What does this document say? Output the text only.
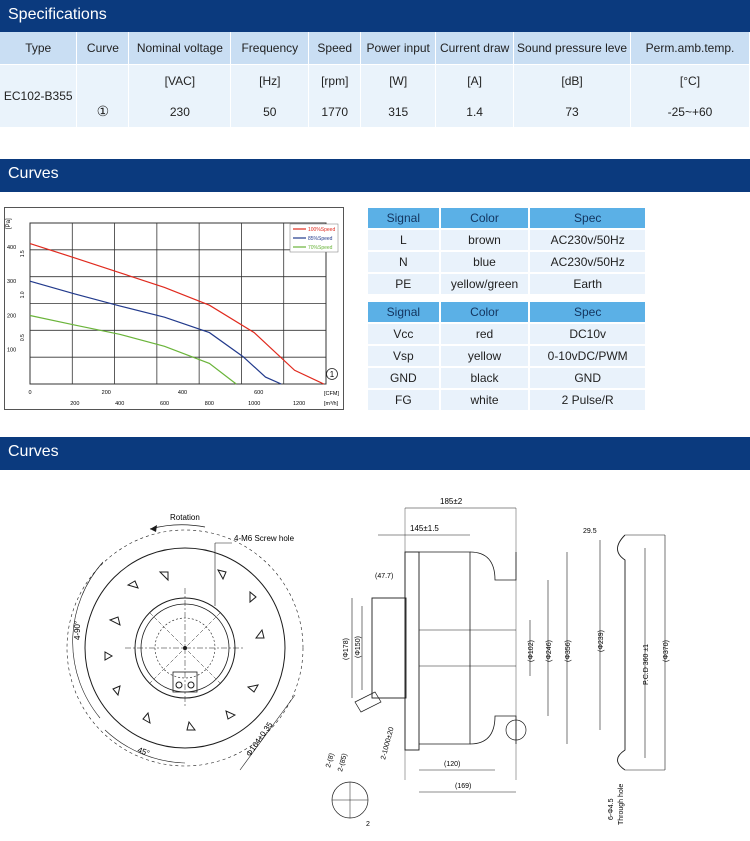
Specifications
Type	Curve	Nominal voltage	Frequency	Speed	Power input	Current draw	Sound pressure leve	Perm.amb.temp.
EC102-B355		[VAC]	[Hz]	[rpm]	[W]	[A]	[dB]	[°C]
	①	230	50	1770	315	1.4	73	-25~+60
Curves
100%Speed
85%Speed
70%Speed
[Pa]
400
300
200
100
1.5
1.0
0.5
0	200	400	600
200	400	600	800	1000	1200
[CFM]
[m³/h]
1
Signal	Color	Spec
L	brown	AC230v/50Hz
N	blue	AC230v/50Hz
PE	yellow/green	Earth
Signal	Color	Spec
Vcc	red	DC10v
Vsp	yellow	0-10vDC/PWM
GND	black	GND
FG	white	2 Pulse/R
Curves
Rotation
4-M6 Screw hole
4-90°
45°	Φ164±0.35
185±2
145±1.5
(47.7)
(Φ178) (Φ150)	(Φ102) (Φ246) (Φ356)
2-(8) 2-(85)
2-1000±20
(120)
(169)
2
29.5
(Φ239)
P.C.D 360 ±1 (Φ370)
6-Φ4.5 Through hole
